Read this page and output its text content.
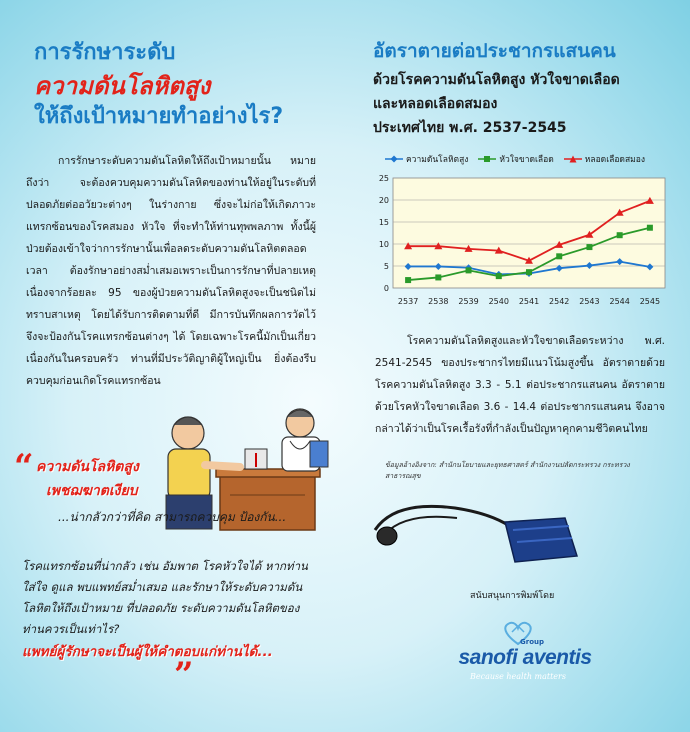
การรักษาระดับ
ความดันโลหิตสูง
ให้ถึงเป้าหมายทำอย่างไร?

การรักษาระดับความดันโลหิตให้ถึงเป้าหมายนั้น หมายถึงว่า จะต้องควบคุมความดันโลหิตของท่านให้อยู่ในระดับที่ปลอดภัยต่ออวัยวะต่างๆ ในร่างกาย ซึ่งจะไม่ก่อให้เกิดภาวะแทรกซ้อนของโรคสมอง หัวใจ ที่จะทำให้ท่านทุพพลภาพ ทั้งนี้ผู้ป่วยต้องเข้าใจว่าการรักษานั้นเพื่อลดระดับความดันโลหิตตลอดเวลา ต้องรักษาอย่างสม่ำเสมอเพราะเป็นการรักษาที่ปลายเหตุ เนื่องจากร้อยละ 95 ของผู้ป่วยความดันโลหิตสูงจะเป็นชนิดไม่ทราบสาเหตุ โดยได้รับการติดตามที่ดี มีการบันทึกผลการวัดไว้ จึงจะป้องกันโรคแทรกซ้อนต่างๆ ได้ โดยเฉพาะโรคนี้มักเป็นเกี่ยวเนื่องกันในครอบครัว ท่านที่มีประวัติญาติผู้ใหญ่เป็น ยิ่งต้องรีบควบคุมก่อนเกิดโรคแทรกซ้อน

“ ความดันโลหิตสูง
เพชฌฆาตเงียบ
...น่ากลัวกว่าที่คิด สามารถควบคุม ป้องกัน...
โรคแทรกซ้อนที่น่ากลัว เช่น อัมพาต โรคหัวใจได้ หากท่านใส่ใจ ดูแล พบแพทย์สม่ำเสมอ และรักษาให้ระดับความดันโลหิตให้ถึงเป้าหมาย ที่ปลอดภัย ระดับความดันโลหิตของท่านควรเป็นเท่าไร?
แพทย์ผู้รักษาจะเป็นผู้ให้คำตอบแก่ท่านได้...
”
อัตราตายต่อประชากรแสนคน
ด้วยโรคความดันโลหิตสูง หัวใจขาดเลือด
และหลอดเลือดสมอง
ประเทศไทย พ.ศ. 2537-2545
ความดันโลหิตสูง	หัวใจขาดเลือด	หลอดเลือดสมอง
0
5
10
15
20
25
2537 2538 2539 2540 2541 2542 2543 2544 2545

โรคความดันโลหิตสูงและหัวใจขาดเลือดระหว่าง พ.ศ. 2541-2545 ของประชากรไทยมีแนวโน้มสูงขึ้น อัตราตายด้วยโรคความดันโลหิตสูง 3.3 - 5.1 ต่อประชากรแสนคน อัตราตายด้วยโรคหัวใจขาดเลือด 3.6 - 14.4 ต่อประชากรแสนคน จึงอาจกล่าวได้ว่าเป็นโรคเรื้อรังที่กำลังเป็นปัญหาคุกคามชีวิตคนไทย

ข้อมูลอ้างอิงจาก: สำนักนโยบายและยุทธศาสตร์ สำนักงานปลัดกระทรวง กระทรวงสาธารณสุข
สนับสนุนการพิมพ์โดย
Group
sanofi aventis
Because health matters
